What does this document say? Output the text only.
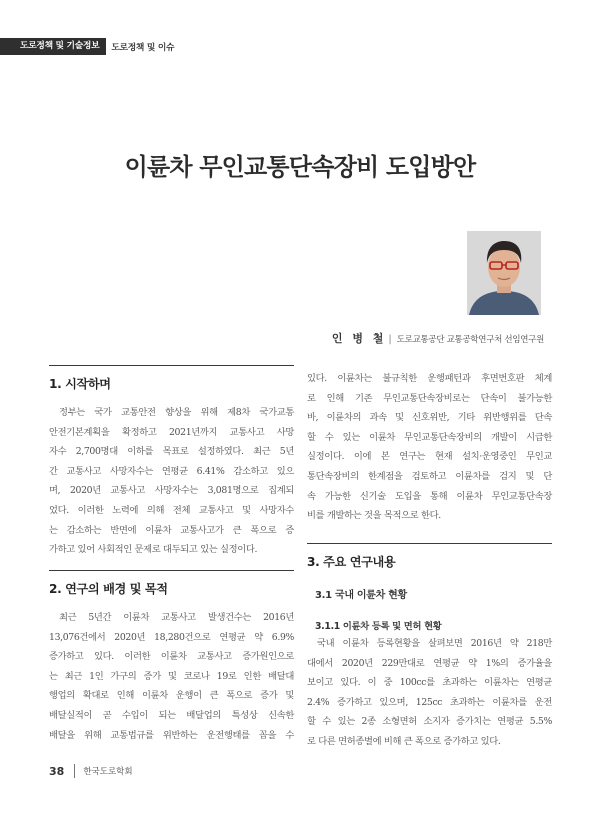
도로정책 및 기술정보	도로정책 및 이슈
이륜차 무인교통단속장비 도입방안
인 병 철 | 도로교통공단 교통공학연구처 선임연구원
1. 시작하며
정부는 국가 교통안전 향상을 위해 제8차 국가교통
안전기본계획을 확정하고 2021년까지 교통사고 사망
자수 2,700명대 이하를 목표로 설정하였다. 최근 5년
간 교통사고 사망자수는 연평균 6.41% 감소하고 있으
며, 2020년 교통사고 사망자수는 3,081명으로 집계되
었다. 이러한 노력에 의해 전체 교통사고 및 사망자수
는 감소하는 반면에 이륜차 교통사고가 큰 폭으로 증
가하고 있어 사회적인 문제로 대두되고 있는 실정이다.
2. 연구의 배경 및 목적
최근 5년간 이륜차 교통사고 발생건수는 2016년
13,076건에서 2020년 18,280건으로 연평균 약 6.9%
증가하고 있다. 이러한 이륜차 교통사고 증가원인으로
는 최근 1인 가구의 증가 및 코로나 19로 인한 배달대
행업의 확대로 인해 이륜차 운행이 큰 폭으로 증가 및
배달실적이 곧 수입이 되는 배달업의 특성상 신속한
배달을 위해 교통법규를 위반하는 운전행태를 꼽을 수
있다. 이륜차는 불규칙한 운행패턴과 후면번호판 체계
로 인해 기존 무인교통단속장비로는 단속이 불가능한
바, 이륜차의 과속 및 신호위반, 기타 위반행위를 단속
할 수 있는 이륜차 무인교통단속장비의 개발이 시급한
실정이다. 이에 본 연구는 현재 설치·운영중인 무인교
통단속장비의 한계점을 검토하고 이륜차를 검지 및 단
속 가능한 신기술 도입을 통해 이륜차 무인교통단속장
비를 개발하는 것을 목적으로 한다.
3. 주요 연구내용
3.1 국내 이륜차 현황
3.1.1 이륜차 등록 및 면허 현황
국내 이륜차 등록현황을 살펴보면 2016년 약 218만
대에서 2020년 229만대로 연평균 약 1%의 증가율을
보이고 있다. 이 중 100cc를 초과하는 이륜차는 연평균
2.4% 증가하고 있으며, 125cc 초과하는 이륜차를 운전
할 수 있는 2종 소형면허 소지자 증가치는 연평균 5.5%
로 다른 면허종별에 비해 큰 폭으로 증가하고 있다.
38 한국도로학회
